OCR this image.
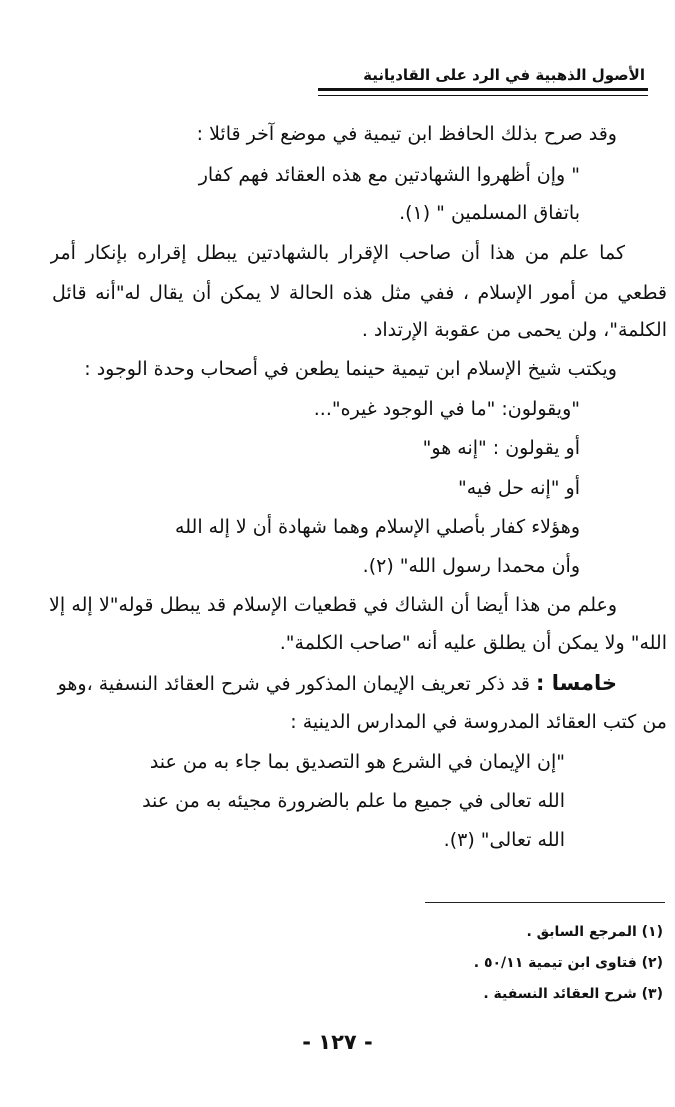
الأصول الذهبية في الرد على القاديانية
وقد صرح بذلك الحافظ ابن تيمية في موضع آخر قائلا :
" وإن أظهروا الشهادتين مع هذه العقائد فهم كفار
باتفاق المسلمين " (١).
كما علم من هذا أن صاحب الإقرار بالشهادتين يبطل إقراره بإنكار أمر
قطعي من أمور الإسلام ، ففي مثل هذه الحالة لا يمكن أن يقال له"أنه قائل
الكلمة"، ولن يحمى من عقوبة الإرتداد .
ويكتب شيخ الإسلام ابن تيمية حينما يطعن في أصحاب وحدة الوجود :
"ويقولون: "ما في الوجود غيره"...
أو يقولون : "إنه هو"
أو "إنه حل فيه"
وهؤلاء كفار بأصلي الإسلام وهما شهادة أن لا إله الله
وأن محمدا رسول الله" (٢).
وعلم من هذا أيضا أن الشاك في قطعيات الإسلام قد يبطل قوله"لا إله إلا
الله" ولا يمكن أن يطلق عليه أنه "صاحب الكلمة".
خامسا : قد ذكر تعريف الإيمان المذكور في شرح العقائد النسفية ،وهو
من كتب العقائد المدروسة في المدارس الدينية :
"إن الإيمان في الشرع هو التصديق بما جاء به من عند
الله تعالى في جميع ما علم بالضرورة مجيئه به من عند
الله تعالى" (٣).
(١) المرجع السابق .
(٢) فتاوى ابن تيمية ٥٠/١١ .
(٣) شرح العقائد النسفية .
- ١٢٧ -
